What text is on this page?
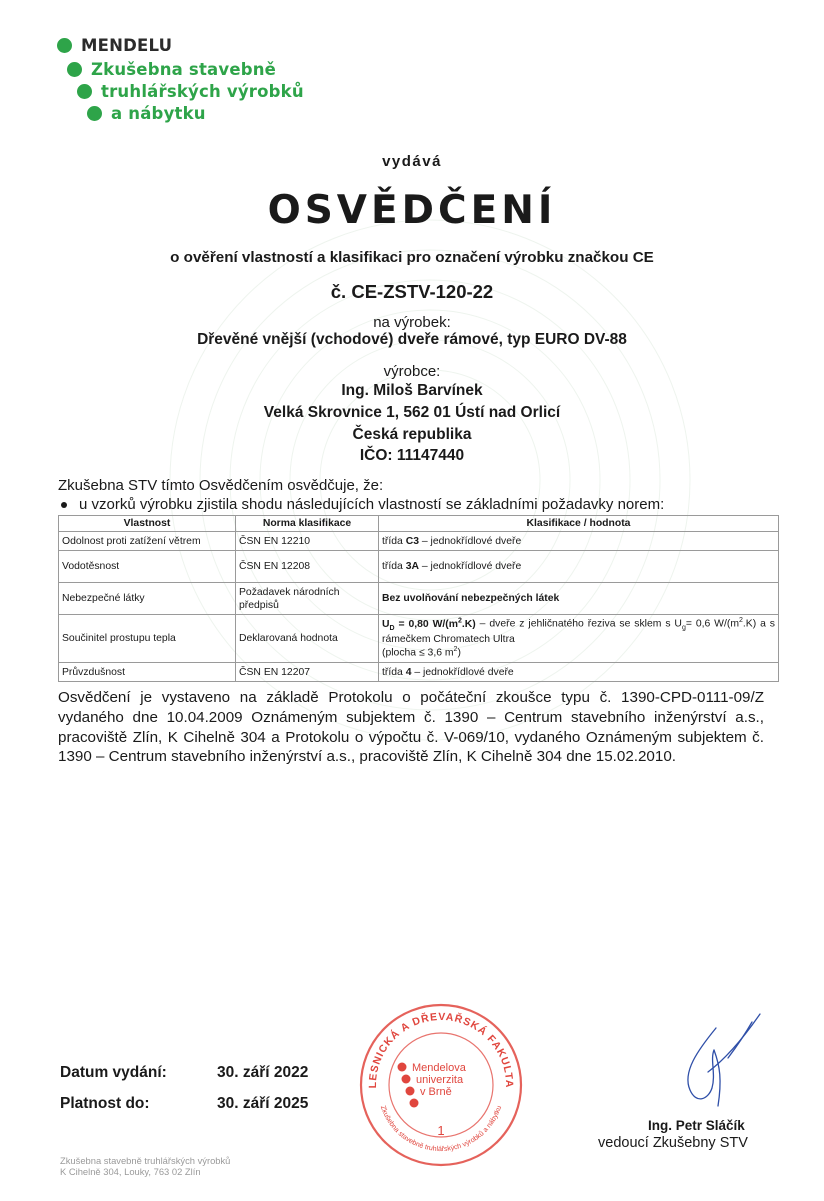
MENDELU
Zkušebna stavebně
truhlářských výrobků
a nábytku
vydává
OSVĚDČENÍ
o ověření vlastností a klasifikaci pro označení výrobku značkou CE
č. CE-ZSTV-120-22
na výrobek:
Dřevěné vnější (vchodové) dveře rámové, typ EURO DV-88
výrobce:
Ing. Miloš Barvínek
Velká Skrovnice 1, 562 01 Ústí nad Orlicí
Česká republika
IČO: 11147440
Zkušebna STV tímto Osvědčením osvědčuje, že:
u vzorků výrobku zjistila shodu následujících vlastností se základními požadavky norem:
Vlastnost	Norma klasifikace	Klasifikace / hodnota
Odolnost proti zatížení větrem	ČSN EN 12210	třída C3 – jednokřídlové dveře
Vodotěsnost	ČSN EN 12208	třída 3A – jednokřídlové dveře
Nebezpečné látky	Požadavek národních předpisů	Bez uvolňování nebezpečných látek
Součinitel prostupu tepla	Deklarovaná hodnota	$U_D = 0,80$ $W/(m^2.K)$ – dveře z jehličnatého řeziva se sklem s $U_g= 0,6$ $W/(m^2.K)$ a s rámečkem Chromatech Ultra
(plocha ≤ 3,6 $m^2$)
Průvzdušnost	ČSN EN 12207	třída 4 – jednokřídlové dveře
Osvědčení je vystaveno na základě Protokolu o počáteční zkoušce typu č. 1390-CPD-0111-09/Z vydaného dne 10.04.2009 Oznámeným subjektem č. 1390 – Centrum stavebního inženýrství a.s., pracoviště Zlín, K Cihelně 304 a Protokolu o výpočtu č. V-069/10, vydaného Oznámeným subjektem č. 1390 – Centrum stavebního inženýrství a.s., pracoviště Zlín, K Cihelně 304 dne 15.02.2010.
Datum vydání:	30. září 2022
Platnost do:	30. září 2025
LESNICKÁ A DŘEVAŘSKÁ FAKULTA
Zkušebna stavebně truhlářských výrobků a nábytku
Mendelova
univerzita
v Brně
1	Ing. Petr Sláčík
vedoucí Zkušebny STV
Zkušebna stavebně truhlářských výrobků
K Cihelně 304, Louky, 763 02 Zlín
